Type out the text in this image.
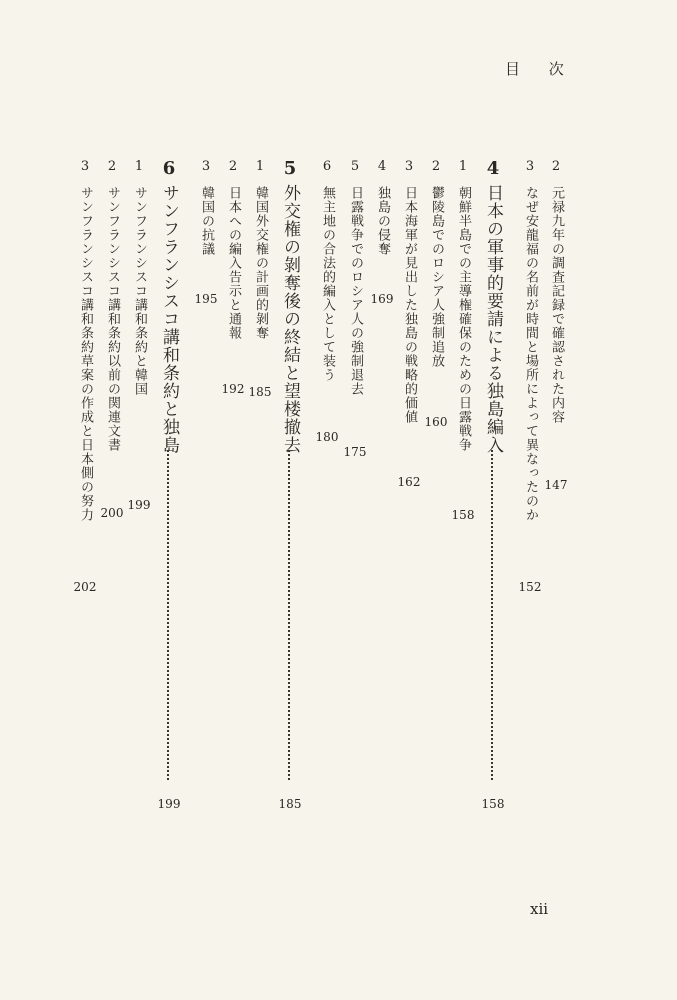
目 次
2
元禄九年の調査記録で確認された内容
147
3
なぜ安龍福の名前が時間と場所によって異なったのか
152
4
日本の軍事的要請による独島編入
158
1
朝鮮半島での主導権確保のための日露戦争
158
2
鬱陵島でのロシア人強制追放
160
3
日本海軍が見出した独島の戦略的価値
162
4
独島の侵奪
169
5
日露戦争でのロシア人の強制退去
175
6
無主地の合法的編入として装う
180
5
外交権の剝奪後の終結と望楼撤去
185
1
韓国外交権の計画的剝奪
185
2
日本への編入告示と通報
192
3
韓国の抗議
195
6
サンフランシスコ講和条約と独島
199
1
サンフランシスコ講和条約と韓国
199
2
サンフランシスコ講和条約以前の関連文書
200
3
サンフランシスコ講和条約草案の作成と日本側の努力
202
xii
